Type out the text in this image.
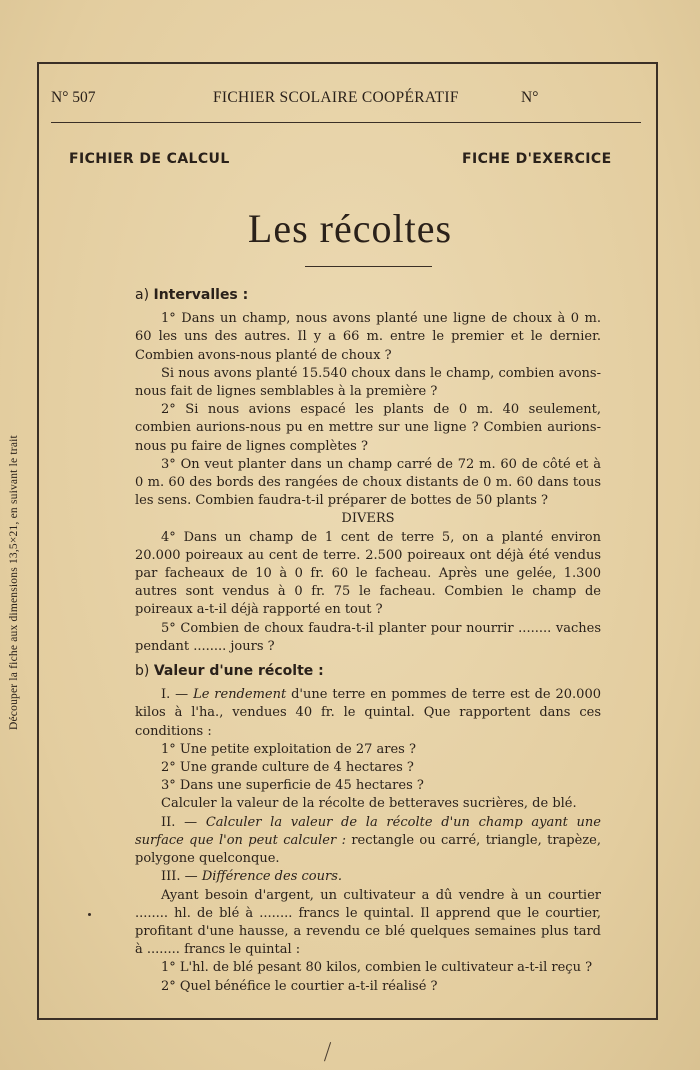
Découper la fiche aux dimensions 13,5×21, en suivant le trait
N° 507	FICHIER SCOLAIRE COOPÉRATIF	N°
FICHIER DE CALCUL	FICHE D'EXERCICE
Les récoltes
a) Intervalles :

1° Dans un champ, nous avons planté une ligne de choux à 0 m. 60 les uns des autres. Il y a 66 m. entre le premier et le dernier. Combien avons-nous planté de choux ?

Si nous avons planté 15.540 choux dans le champ, combien avons-nous fait de lignes semblables à la première ?

2° Si nous avions espacé les plants de 0 m. 40 seulement, combien aurions-nous pu en mettre sur une ligne ? Combien aurions-nous pu faire de lignes complètes ?

3° On veut planter dans un champ carré de 72 m. 60 de côté et à 0 m. 60 des bords des rangées de choux distants de 0 m. 60 dans tous les sens. Combien faudra-t-il préparer de bottes de 50 plants ?

DIVERS

4° Dans un champ de 1 cent de terre 5, on a planté environ 20.000 poireaux au cent de terre. 2.500 poireaux ont déjà été vendus par facheaux de 10 à 0 fr. 60 le facheau. Après une gelée, 1.300 autres sont vendus à 0 fr. 75 le facheau. Combien le champ de poireaux a-t-il déjà rapporté en tout ?

5° Combien de choux faudra-t-il planter pour nourrir ........ vaches pendant ........ jours ?

b) Valeur d'une récolte :

I. — Le rendement d'une terre en pommes de terre est de 20.000 kilos à l'ha., vendues 40 fr. le quintal. Que rapportent dans ces conditions :

1° Une petite exploitation de 27 ares ?
2° Une grande culture de 4 hectares ?
3° Dans une superficie de 45 hectares ?

Calculer la valeur de la récolte de betteraves sucrières, de blé.

II. — Calculer la valeur de la récolte d'un champ ayant une surface que l'on peut calculer : rectangle ou carré, triangle, trapèze, polygone quelconque.

III. — Différence des cours.

Ayant besoin d'argent, un cultivateur a dû vendre à un courtier ........ hl. de blé à ........ francs le quintal. Il apprend que le courtier, profitant d'une hausse, a revendu ce blé quelques semaines plus tard à ........ francs le quintal :

1° L'hl. de blé pesant 80 kilos, combien le cultivateur a-t-il reçu ?

2° Quel bénéfice le courtier a-t-il réalisé ?
